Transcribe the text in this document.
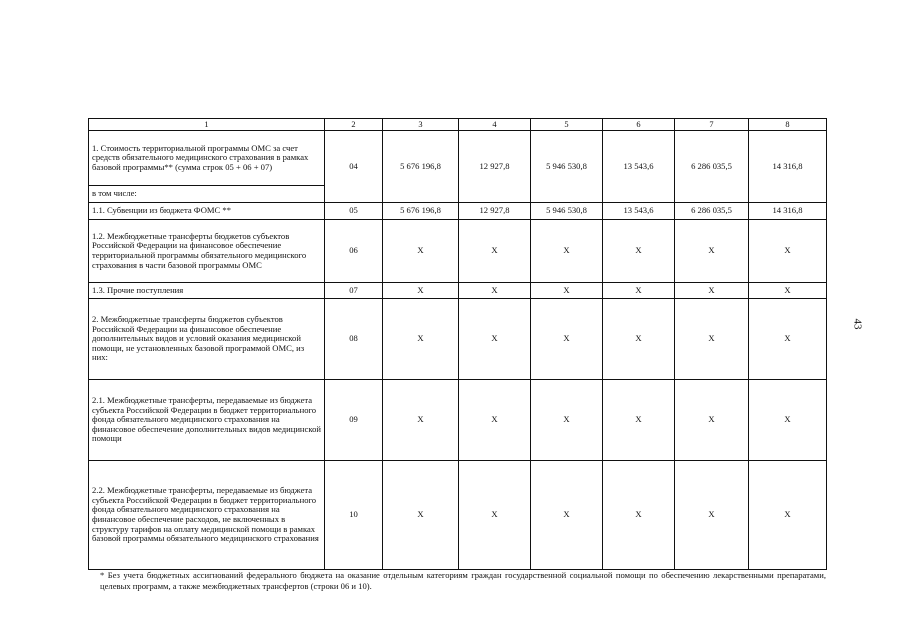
1	2	3	4	5	6	7	8
1. Стоимость территориальной программы ОМС за счет средств обязательного медицинского страхования в рамках базовой программы** (сумма строк 05 + 06 + 07)	04	5 676 196,8	12 927,8	5 946 530,8	13 543,6	6 286 035,5	14 316,8
в том числе:							
1.1. Субвенции из бюджета ФОМС **	05	5 676 196,8	12 927,8	5 946 530,8	13 543,6	6 286 035,5	14 316,8
1.2. Межбюджетные трансферты бюджетов субъектов Российской Федерации на финансовое обеспечение территориальной программы обязательного медицинского страхования в части базовой программы ОМС	06	X	X	X	X	X	X
1.3. Прочие поступления	07	X	X	X	X	X	X
2. Межбюджетные трансферты бюджетов субъектов Российской Федерации на финансовое обеспечение дополнительных видов и условий оказания медицинской помощи, не установленных базовой программой ОМС, из них:	08	X	X	X	X	X	X
2.1. Межбюджетные трансферты, передаваемые из бюджета субъекта Российской Федерации в бюджет территориального фонда обязательного медицинского страхования на финансовое обеспечение дополнительных видов медицинской помощи	09	X	X	X	X	X	X
2.2. Межбюджетные трансферты, передаваемые из бюджета субъекта Российской Федерации в бюджет территориального фонда обязательного медицинского страхования на финансовое обеспечение расходов, не включенных в структуру тарифов на оплату медицинской помощи в рамках базовой программы обязательного медицинского страхования	10	X	X	X	X	X	X
* Без учета бюджетных ассигнований федерального бюджета на оказание отдельным категориям граждан государственной социальной помощи по обеспечению лекарственными препаратами, целевых программ, а также межбюджетных трансфертов (строки 06 и 10).
43
